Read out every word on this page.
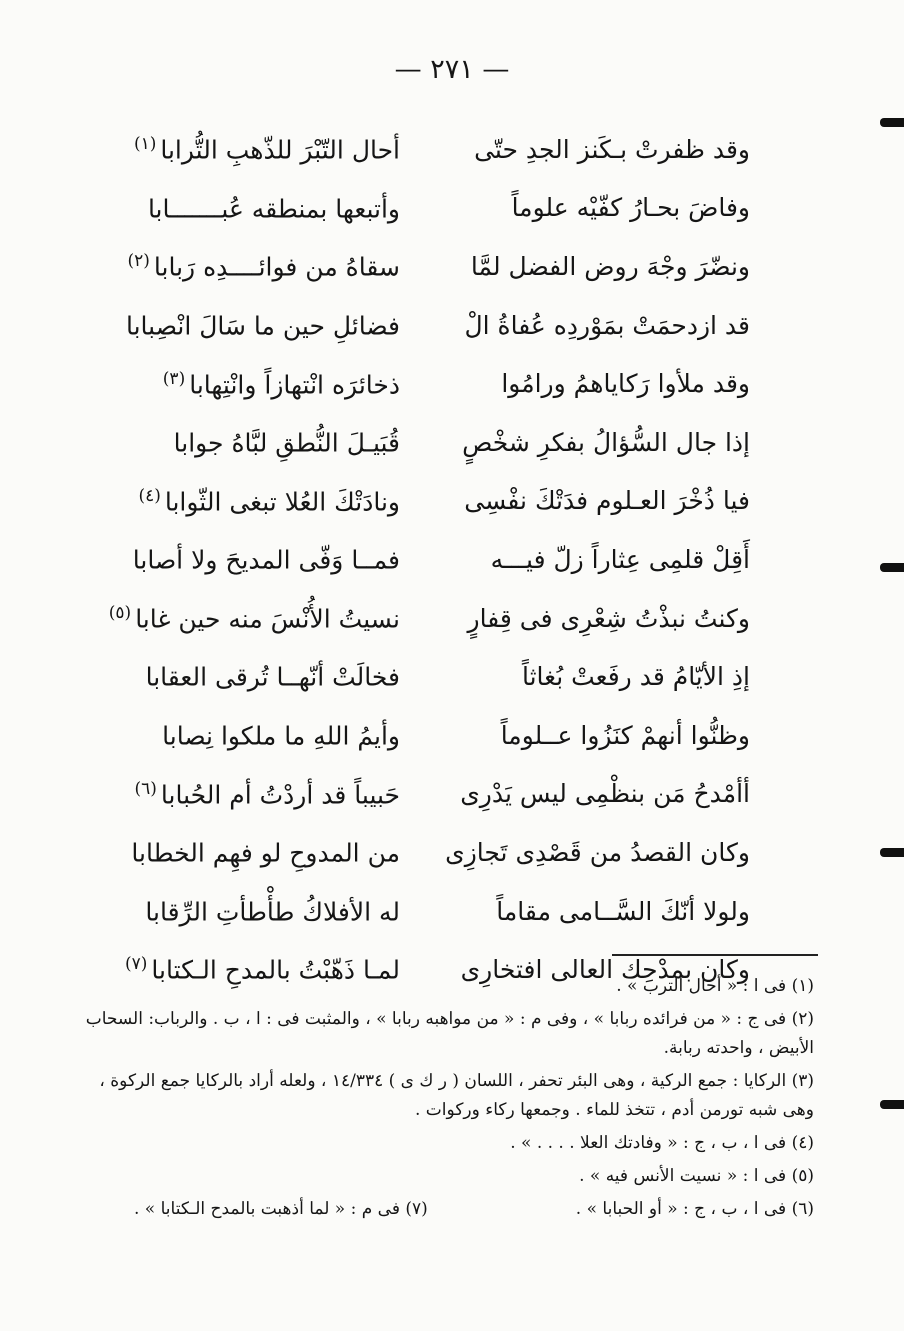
— ٢٧١ —
وقد ظفرتْ بـكَنز الجدِ حتّى
أحال التّبْرَ للذّهبِ التُّرابا$^{(١)}$
وفاضَ بحـارُ كفّيْه علوماً
وأتبعها بمنطقه عُبـــــــابا
ونضّرَ وجْهَ روض الفضل لمَّا
سقاهُ من فوائــــدِه رَبابا$^{(٢)}$
قد ازدحمَتْ بمَوْردِه عُفاةُ الْ
فضائلِ حين ما سَالَ انْصِبابا
وقد ملأوا رَكاياهمُ ورامُوا
ذخائرَه انْتهازاً وانْتِهابا$^{(٣)}$
إذا جال السُّؤالُ بفكرِ شخْصٍ
قُبَيـلَ النُّطقِ لبَّاهُ جوابا
فيا ذُخْرَ العـلوم فدَتْكَ نفْسِى
ونادَتْكَ العُلا تبغى الثّوابا$^{(٤)}$
أَقِلْ قلمِى عِثاراً زلّ فيـــه
فمــا وَفّى المديحَ ولا أصابا
وكنتُ نبذْتُ شِعْرِى فى قِفارٍ
نسيتُ الأُنْسَ منه حين غابا$^{(٥)}$
إذِ الأيّامُ قد رفَعتْ بُغاثاً
فخالَتْ أنّهــا تُرقى العقابا
وظنُّوا أنهمْ كنَزُوا عــلوماً
وأيمُ اللهِ ما ملكوا نِصابا
أأمْدحُ مَن بنظْمِى ليس يَدْرِى
حَبيباً قد أردْتُ أم الحُبابا$^{(٦)}$
وكان القصدُ من قَصْدِى تَجازِى
من المدوحِ لو فهِم الخطابا
ولولا أنّكَ السَّــامى مقاماً
له الأفلاكُ طأْطأتِ الرِّقابا
وكان بمدْحِك العالى افتخارِى
لمـا ذَهّبْتُ بالمدحِ الـكتابا$^{(٧)}$

(١) فى ا : « أحال الترب » .

(٢) فى ج : « من فرائده ربابا » ، وفى م : « من مواهبه ربابا » ، والمثبت فى : ا ، ب . والرباب: السحاب الأبيض ، واحدته ربابة.

(٣) الركايا : جمع الركية ، وهى البئر تحفر ، اللسان ( ر ك ى ) ١٤/٣٣٤ ، ولعله أراد بالركايا جمع الركوة ، وهى شبه تورمن أدم ، تتخذ للماء . وجمعها ركاء وركوات .

(٤) فى ا ، ب ، ج : « وفادتك العلا . . . . » .

(٥) فى ا : « نسيت الأنس فيه » .

(٦) فى ا ، ب ، ج : « أو الحبابا » .
(٧) فى م : « لما أذهبت بالمدح الـكتابا » .
